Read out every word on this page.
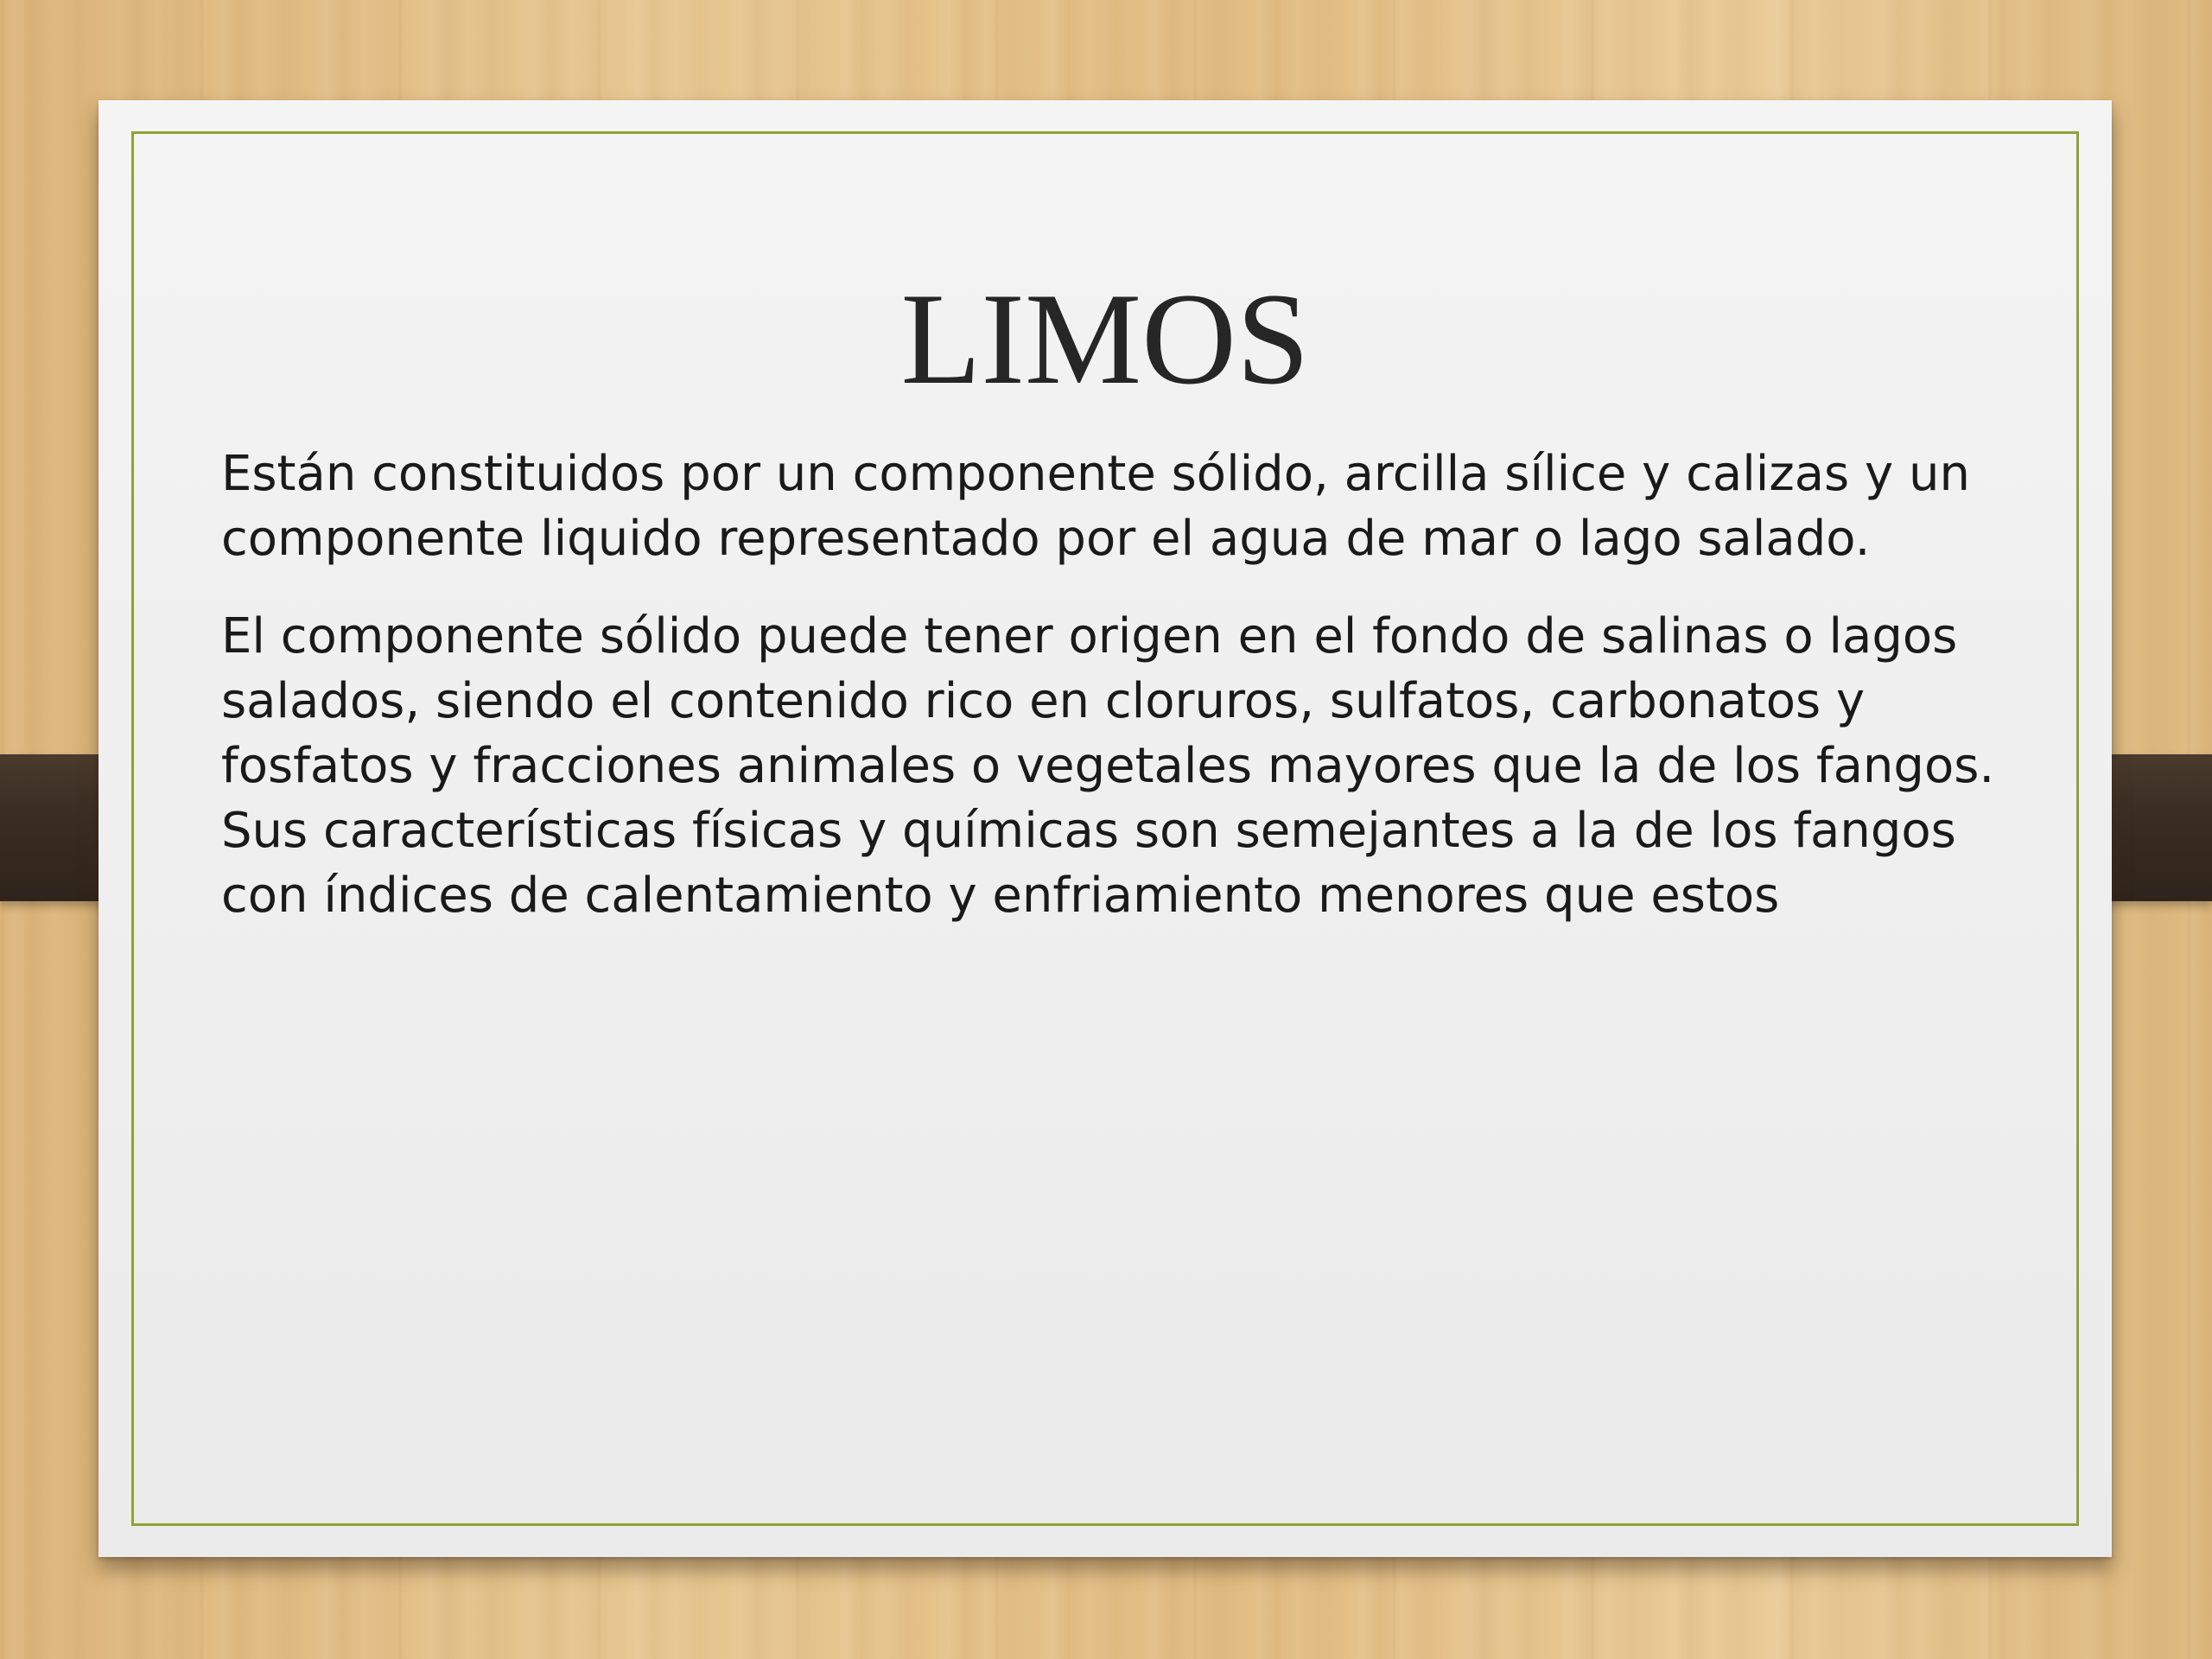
LIMOS

Están constituidos por un componente sólido, arcilla sílice y calizas y un componente liquido representado por el agua de mar o lago salado.

El componente sólido puede tener origen en el fondo de salinas o lagos salados, siendo el contenido rico en cloruros, sulfatos, carbonatos y fosfatos y fracciones animales o vegetales mayores que la de los fangos. Sus características físicas y químicas son semejantes a la de los fangos con índices de calentamiento y enfriamiento menores que estos
